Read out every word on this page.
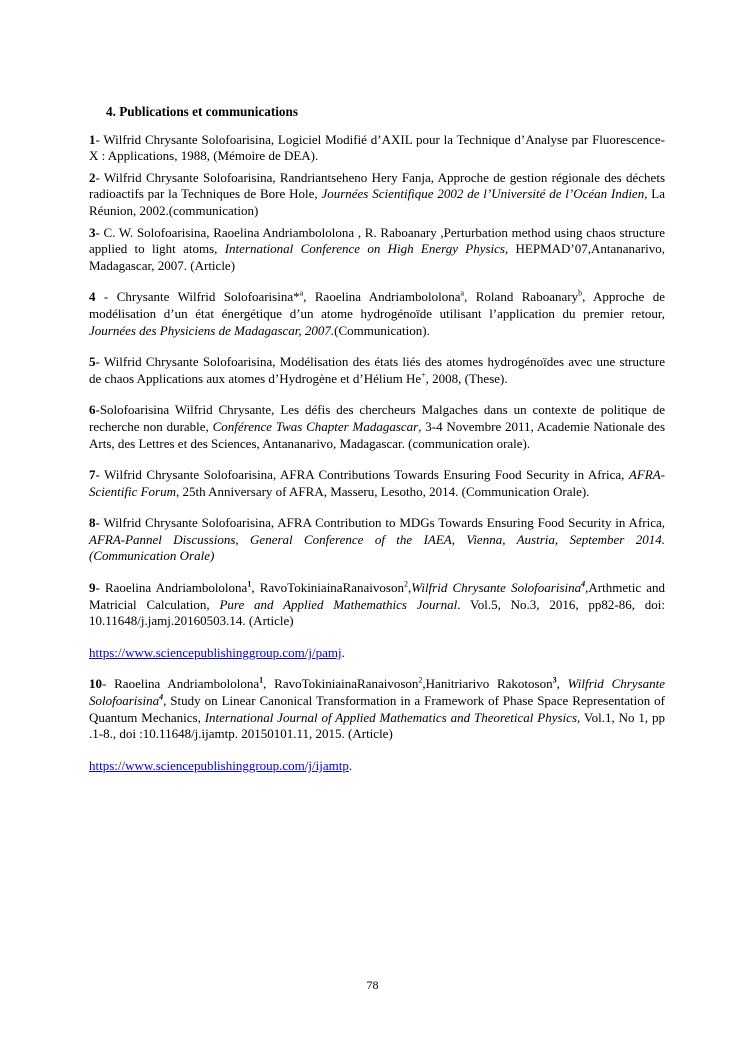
4. Publications et communications

1- Wilfrid Chrysante Solofoarisina, Logiciel Modifié d’AXIL pour la Technique d’Analyse par Fluorescence-X : Applications, 1988, (Mémoire de DEA).

2- Wilfrid Chrysante Solofoarisina, Randriantseheno Hery Fanja, Approche de gestion régionale des déchets radioactifs par la Techniques de Bore Hole, Journées Scientifique 2002 de l’Université de l’Océan Indien, La Réunion, 2002.(communication)

3- C. W. Solofoarisina, Raoelina Andriambololona , R. Raboanary ,Perturbation method using chaos structure applied to light atoms, International Conference on High Energy Physics, HEPMAD’07,Antananarivo, Madagascar, 2007. (Article)

4 - Chrysante Wilfrid Solofoarisina*$^a$, Raoelina Andriambololona$^a$, Roland Raboanary$^b$, Approche de modélisation d’un état énergétique d’un atome hydrogénoïde utilisant l’application du premier retour, Journées des Physiciens de Madagascar, 2007.(Communication).

5- Wilfrid Chrysante Solofoarisina, Modélisation des états liés des atomes hydrogénoïdes avec une structure de chaos Applications aux atomes d’Hydrogène et d’Hélium He+, 2008, (These).

6-Solofoarisina Wilfrid Chrysante, Les défis des chercheurs Malgaches dans un contexte de politique de recherche non durable, Conférence Twas Chapter Madagascar, 3-4 Novembre 2011, Academie Nationale des Arts, des Lettres et des Sciences, Antananarivo, Madagascar. (communication orale).

7- Wilfrid Chrysante Solofoarisina, AFRA Contributions Towards Ensuring Food Security in Africa, AFRA-Scientific Forum, 25th Anniversary of AFRA, Masseru, Lesotho, 2014. (Communication Orale).

8- Wilfrid Chrysante Solofoarisina, AFRA Contribution to MDGs Towards Ensuring Food Security in Africa, AFRA-Pannel Discussions, General Conference of the IAEA, Vienna, Austria, September 2014.(Communication Orale)

9- Raoelina Andriambololona$^1$, RavoTokiniainaRanaivoson$^2$,Wilfrid Chrysante Solofoarisina$^4$,Arthmetic and Matricial Calculation, Pure and Applied Mathemathics Journal. Vol.5, No.3, 2016, pp82-86, doi: 10.11648/j.jamj.20160503.14. (Article)

https://www.sciencepublishinggroup.com/j/pamj.

10- Raoelina Andriambololona$^1$, RavoTokiniainaRanaivoson$^2$,Hanitriarivo Rakotoson$^3$, Wilfrid Chrysante Solofoarisina$^4$, Study on Linear Canonical Transformation in a Framework of Phase Space Representation of Quantum Mechanics, International Journal of Applied Mathematics and Theoretical Physics, Vol.1, No 1, pp .1-8., doi :10.11648/j.ijamtp. 20150101.11, 2015. (Article)

https://www.sciencepublishinggroup.com/j/ijamtp.

78
